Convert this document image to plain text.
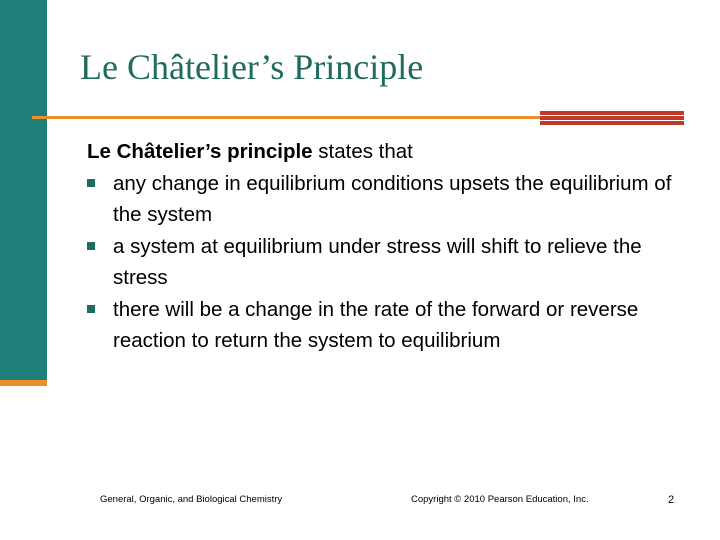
Le Châtelier’s Principle
Le Châtelier’s principle states that
any change in equilibrium conditions upsets the equilibrium of the system
a system at equilibrium under stress will shift to relieve the stress
there will be a change in the rate of the forward or reverse reaction to return the system to equilibrium
General, Organic, and Biological Chemistry	Copyright © 2010 Pearson Education, Inc.	2
